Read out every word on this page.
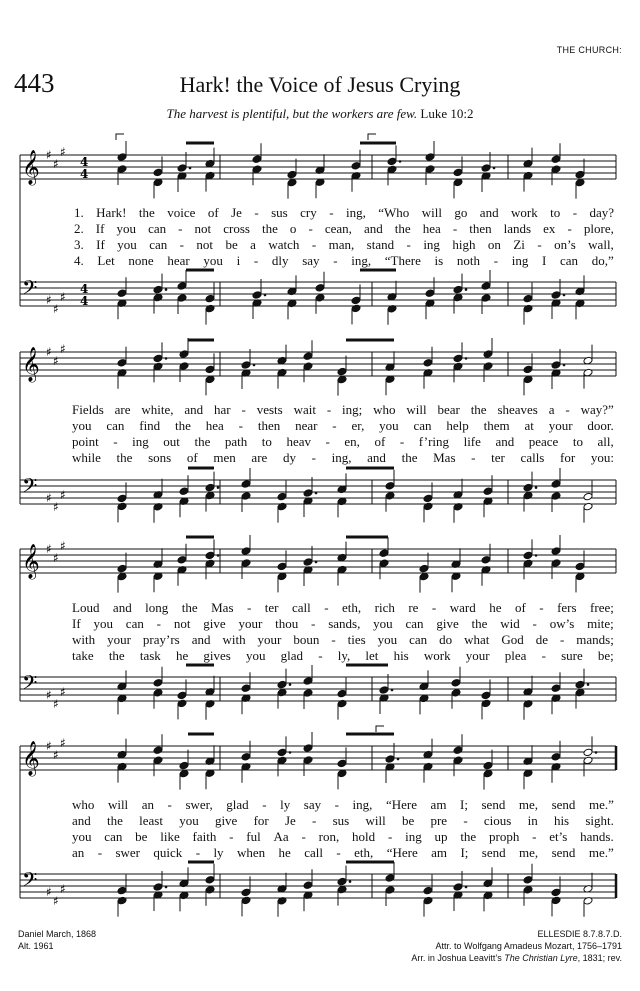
THE CHURCH:
443	Hark! the Voice of Jesus Crying
The harvest is plentiful, but the workers are few. Luke 10:2
𝄞 ♯
♯
♯
4
4
𝄢 ♯
♯
♯
4
4
𝄞 ♯
♯
♯
𝄢 ♯
♯
♯
𝄞 ♯
♯
♯
𝄢 ♯
♯
♯
𝄞 ♯
♯
♯
𝄢 ♯
♯
♯
1. Hark! the voice of Je - sus cry - ing, “Who will go and work to - day?
2. If you can - not cross the o - cean, and the hea - then lands ex - plore,
3. If you can - not be a watch - man, stand - ing high on Zi - on’s wall,
4. Let none hear you i - dly say - ing, “There is noth - ing I can do,”
Fields are white, and har - vests wait - ing; who will bear the sheaves a - way?”
you can find the hea - then near - er, you can help them at your door.
point - ing out the path to heav - en, of - f’ring life and peace to all,
while the sons of men are dy - ing, and the Mas - ter calls for you:
Loud and long the Mas - ter call - eth, rich re - ward he of - fers free;
If you can - not give your thou - sands, you can give the wid - ow’s mite;
with your pray’rs and with your boun - ties you can do what God de - mands;
take the task he gives you glad - ly, let his work your plea - sure be;
who will an - swer, glad - ly say - ing, “Here am I; send me, send me.”
and the least you give for Je - sus will be pre - cious in his sight.
you can be like faith - ful Aa - ron, hold - ing up the proph - et’s hands.
an - swer quick - ly when he call - eth, “Here am I; send me, send me.”
Daniel March, 1868
Alt. 1961
ELLESDIE 8.7.8.7.D.
Attr. to Wolfgang Amadeus Mozart, 1756–1791
Arr. in Joshua Leavitt’s The Christian Lyre, 1831; rev.
